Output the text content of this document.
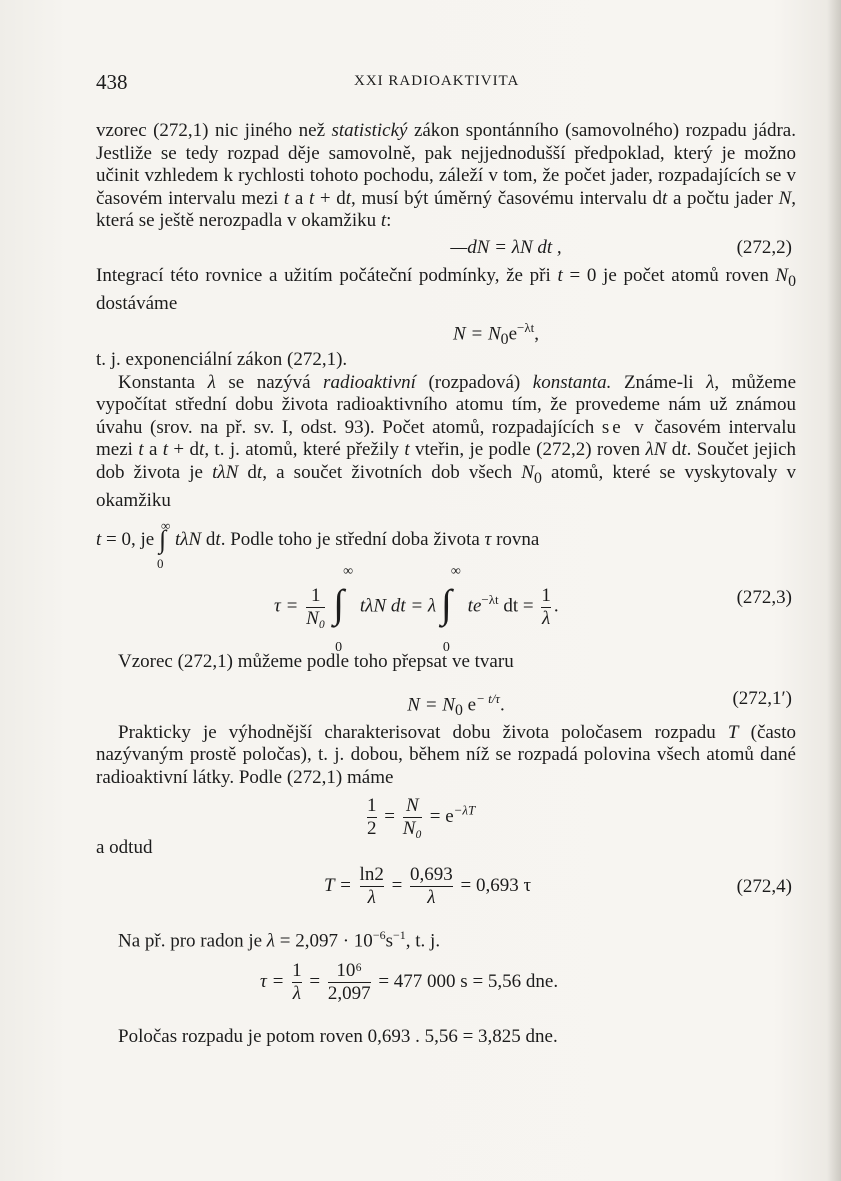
438	XXI RADIOAKTIVITA

vzorec (272,1) nic jiného než statistický zákon spontánního (samovolného) rozpadu jádra. Jestliže se tedy rozpad děje samovolně, pak nejjednodušší předpoklad, který je možno učinit vzhledem k rychlosti tohoto pochodu, záleží v tom, že počet jader, rozpadajících se v časovém intervalu mezi t a t + dt, musí být úměrný časovému intervalu dt a počtu jader N, která se ještě nerozpadla v okamžiku t:

—dN = λN dt ,	(272,2)

Integrací této rovnice a užitím počáteční podmínky, že při t = 0 je počet atomů roven $N_0$ dostáváme

$N = N_0e^{-\lambda t}$,

t. j. exponenciální zákon (272,1).

Konstanta λ se nazývá radioaktivní (rozpadová) konstanta. Známe-li λ, můžeme vypočítat střední dobu života radioaktivního atomu tím, že provedeme nám už známou úvahu (srov. na př. sv. I, odst. 93). Počet atomů, rozpadajících se v časovém intervalu mezi t a t + dt, t. j. atomů, které přežily t vteřin, je podle (272,2) roven λN dt. Součet jejich dob života je tλN dt, a součet životních dob všech $N_0$ atomů, které se vyskytovaly v okamžiku

t = 0, je ∫
∞
0
tλN dt. Podle toho je střední doba života τ rovna

$\tau = \frac{1}{\text{N₀}}$
∫
∞
0
tλN dt = λ ∫
∞
0
$te^{-\lambda t}$ dt = $\frac{1}{\lambda}$ .	(272,3)

Vzorec (272,1) můžeme podle toho přepsat ve tvaru

$N = N_0$ $e^{- t/\tau}$.	(272,1′)

Prakticky je výhodnější charakterisovat dobu života poločasem rozpadu T (často nazývaným prostě poločas), t. j. dobou, během níž se rozpadá polovina všech atomů dané radioaktivní látky. Podle (272,1) máme

$\frac{1}{2} = \frac{N}{\text{N₀}} = e^{-\lambda T}$

a odtud

$T = \frac{\ln 2}{\lambda} = \frac{0,693}{\lambda} = 0,693$ τ	(272,4)

Na př. pro radon je $\lambda = 2,097 \cdot 10^{-6}s^{-1}$, t. j.

$\tau = \frac{1}{\lambda} = \frac{\text{10⁶}}{2,097} = 477$ 000 s = 5,56 dne.

Poločas rozpadu je potom roven 0,693 . 5,56 = 3,825 dne.
